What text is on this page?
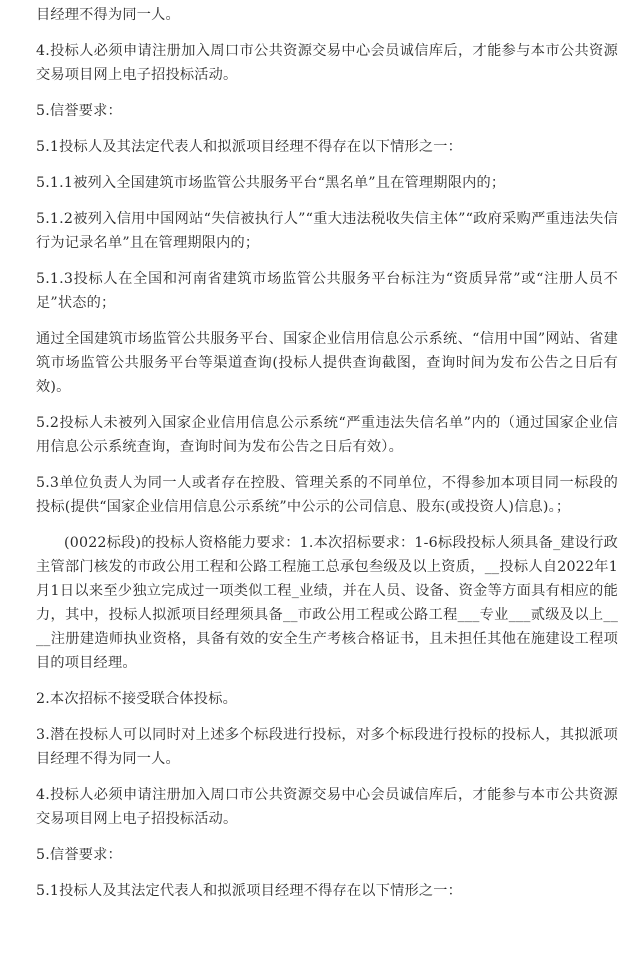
目经理不得为同一人。

4.投标人必须申请注册加入周口市公共资源交易中心会员诚信库后，才能参与本市公共资源交易项目网上电子招投标活动。

5.信誉要求：

5.1投标人及其法定代表人和拟派项目经理不得存在以下情形之一：

5.1.1被列入全国建筑市场监管公共服务平台“黑名单”且在管理期限内的；

5.1.2被列入信用中国网站“失信被执行人”“重大违法税收失信主体”“政府采购严重违法失信行为记录名单”且在管理期限内的；

5.1.3投标人在全国和河南省建筑市场监管公共服务平台标注为“资质异常”或“注册人员不足”状态的；

通过全国建筑市场监管公共服务平台、国家企业信用信息公示系统、“信用中国”网站、省建筑市场监管公共服务平台等渠道查询(投标人提供查询截图，查询时间为发布公告之日后有效)。

5.2投标人未被列入国家企业信用信息公示系统“严重违法失信名单”内的（通过国家企业信用信息公示系统查询，查询时间为发布公告之日后有效）。

5.3单位负责人为同一人或者存在控股、管理关系的不同单位，不得参加本项目同一标段的投标(提供“国家企业信用信息公示系统”中公示的公司信息、股东(或投资人)信息)。；

(0022标段)的投标人资格能力要求：1.本次招标要求：1-6标段投标人须具备_建设行政主管部门核发的市政公用工程和公路工程施工总承包叁级及以上资质，__投标人自2022年1月1日以来至少独立完成过一项类似工程_业绩，并在人员、设备、资金等方面具有相应的能力，其中，投标人拟派项目经理须具备__市政公用工程或公路工程___专业___贰级及以上____注册建造师执业资格，具备有效的安全生产考核合格证书，且未担任其他在施建设工程项目的项目经理。

2.本次招标不接受联合体投标。

3.潜在投标人可以同时对上述多个标段进行投标，对多个标段进行投标的投标人，其拟派项目经理不得为同一人。

4.投标人必须申请注册加入周口市公共资源交易中心会员诚信库后，才能参与本市公共资源交易项目网上电子招投标活动。

5.信誉要求：

5.1投标人及其法定代表人和拟派项目经理不得存在以下情形之一：
